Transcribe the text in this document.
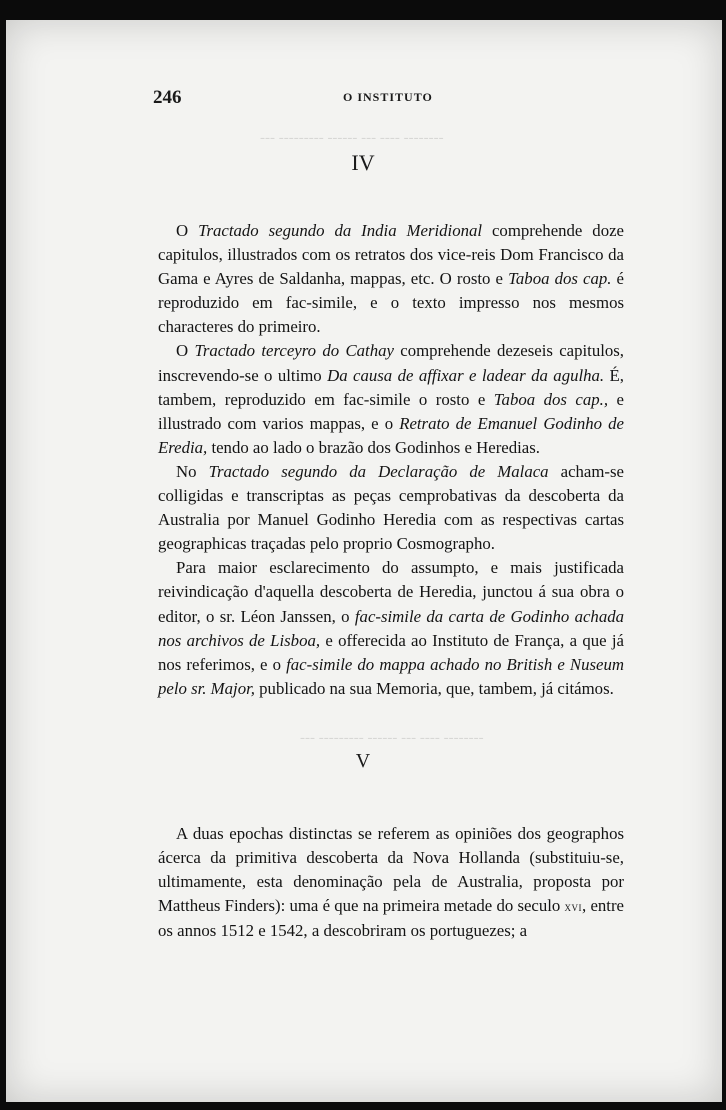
-------- ---- --- ------ --------- ---
-------- ---- --- ------ --------- ---
246	O INSTITUTO
IV

O Tractado segundo da India Meridional comprehende doze capitulos, illustrados com os retratos dos vice-reis Dom Francisco da Gama e Ayres de Saldanha, mappas, etc. O rosto e Taboa dos cap. é reproduzido em fac-simile, e o texto impresso nos mesmos characteres do primeiro.

O Tractado terceyro do Cathay comprehende dezeseis capitulos, inscrevendo-se o ultimo Da causa de affixar e ladear da agulha. É, tambem, reproduzido em fac-simile o rosto e Taboa dos cap., e illustrado com varios mappas, e o Retrato de Emanuel Godinho de Eredia, tendo ao lado o brazão dos Godinhos e Heredias.

No Tractado segundo da Declaração de Malaca acham-se colligidas e transcriptas as peças cemprobativas da descoberta da Australia por Manuel Godinho Heredia com as respectivas cartas geographicas traçadas pelo proprio Cosmographo.

Para maior esclarecimento do assumpto, e mais justificada reivindicação d'aquella descoberta de Heredia, junctou á sua obra o editor, o sr. Léon Janssen, o fac-simile da carta de Godinho achada nos archivos de Lisboa, e offerecida ao Instituto de França, a que já nos referimos, e o fac-simile do mappa achado no British e Nuseum pelo sr. Major, publicado na sua Memoria, que, tambem, já citámos.

V

A duas epochas distinctas se referem as opiniões dos geographos ácerca da primitiva descoberta da Nova Hollanda (substituiu-se, ultimamente, esta denominação pela de Australia, proposta por Mattheus Finders): uma é que na primeira metade do seculo xvi, entre os annos 1512 e 1542, a descobriram os portuguezes; a
